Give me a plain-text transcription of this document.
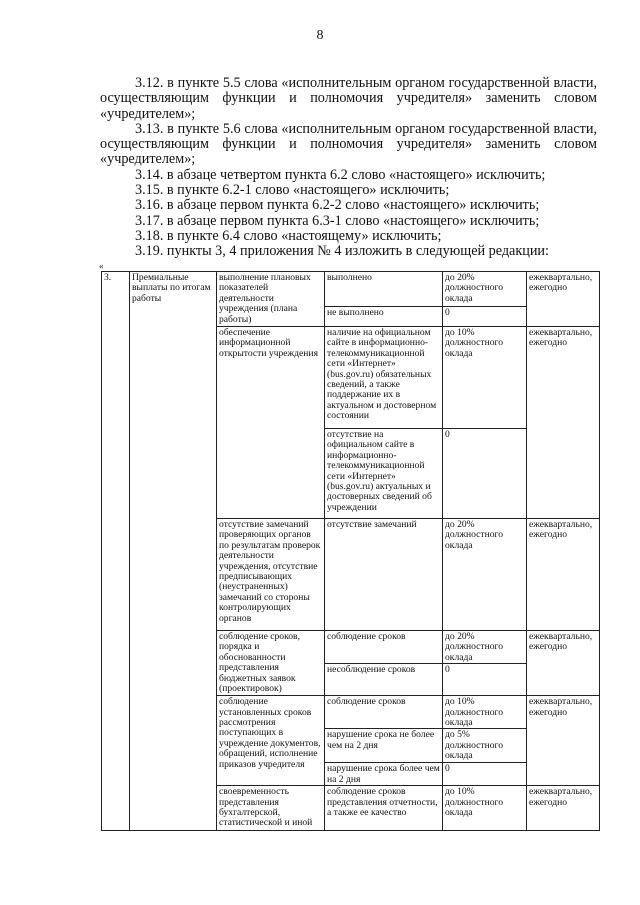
8

3.12. в пункте 5.5 слова «исполнительным органом государственной власти, осуществляющим функции и полномочия учредителя» заменить словом «учредителем»;

3.13. в пункте 5.6 слова «исполнительным органом государственной власти, осуществляющим функции и полномочия учредителя» заменить словом «учредителем»;

3.14. в абзаце четвертом пункта 6.2 слово «настоящего» исключить;

3.15. в пункте 6.2-1 слово «настоящего» исключить;

3.16. в абзаце первом пункта 6.2-2 слово «настоящего» исключить;

3.17. в абзаце первом пункта 6.3-1 слово «настоящего» исключить;

3.18. в пункте 6.4 слово «настоящему» исключить;

3.19. пункты 3, 4 приложения № 4 изложить в следующей редакции:

«
3.	Премиальные выплаты по итогам работы	выполнение плановых показателей деятельности учреждения (плана работы)	выполнено	до 20% должностного оклада	ежеквартально, ежегодно
			не выполнено	0	
		обеспечение информационной открытости учреждения	наличие на официальном сайте в информационно-телекоммуникационной сети «Интернет» (bus.gov.ru) обязательных сведений, а также поддержание их в актуальном и достоверном состоянии	до 10% должностного оклада	ежеквартально, ежегодно
			отсутствие на официальном сайте в информационно-телекоммуникационной сети «Интернет» (bus.gov.ru) актуальных и достоверных сведений об учреждении	0	
		отсутствие замечаний проверяющих органов по результатам проверок деятельности учреждения, отсутствие предписывающих (неустраненных) замечаний со стороны контролирующих органов	отсутствие замечаний	до 20% должностного оклада	ежеквартально, ежегодно
		соблюдение сроков, порядка и обоснованности представления бюджетных заявок (проектировок)	соблюдение сроков	до 20% должностного оклада	ежеквартально, ежегодно
			несоблюдение сроков	0	
		соблюдение установленных сроков рассмотрения поступающих в учреждение документов, обращений, исполнение приказов учредителя	соблюдение сроков	до 10% должностного оклада	ежеквартально, ежегодно
			нарушение срока не более чем на 2 дня	до 5% должностного оклада	
			нарушение срока более чем на 2 дня	0	
		своевременность представления бухгалтерской, статистической и иной	соблюдение сроков представления отчетности, а также ее качество	до 10% должностного оклада	ежеквартально, ежегодно
